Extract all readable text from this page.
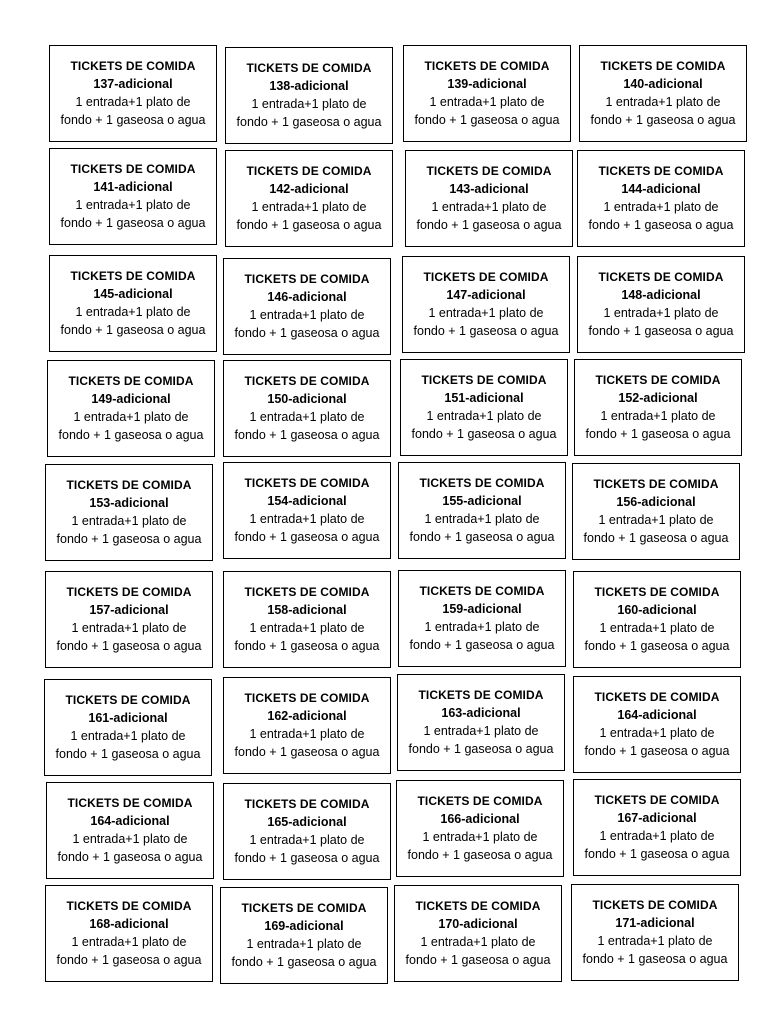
TICKETS DE COMIDA
137-adicional
1 entrada+1 plato de
fondo + 1 gaseosa o agua
TICKETS DE COMIDA
138-adicional
1 entrada+1 plato de
fondo + 1 gaseosa o agua
TICKETS DE COMIDA
139-adicional
1 entrada+1 plato de
fondo + 1 gaseosa o agua
TICKETS DE COMIDA
140-adicional
1 entrada+1 plato de
fondo + 1 gaseosa o agua
TICKETS DE COMIDA
141-adicional
1 entrada+1 plato de
fondo + 1 gaseosa o agua
TICKETS DE COMIDA
142-adicional
1 entrada+1 plato de
fondo + 1 gaseosa o agua
TICKETS DE COMIDA
143-adicional
1 entrada+1 plato de
fondo + 1 gaseosa o agua
TICKETS DE COMIDA
144-adicional
1 entrada+1 plato de
fondo + 1 gaseosa o agua
TICKETS DE COMIDA
145-adicional
1 entrada+1 plato de
fondo + 1 gaseosa o agua
TICKETS DE COMIDA
146-adicional
1 entrada+1 plato de
fondo + 1 gaseosa o agua
TICKETS DE COMIDA
147-adicional
1 entrada+1 plato de
fondo + 1 gaseosa o agua
TICKETS DE COMIDA
148-adicional
1 entrada+1 plato de
fondo + 1 gaseosa o agua
TICKETS DE COMIDA
149-adicional
1 entrada+1 plato de
fondo + 1 gaseosa o agua
TICKETS DE COMIDA
150-adicional
1 entrada+1 plato de
fondo + 1 gaseosa o agua
TICKETS DE COMIDA
151-adicional
1 entrada+1 plato de
fondo + 1 gaseosa o agua
TICKETS DE COMIDA
152-adicional
1 entrada+1 plato de
fondo + 1 gaseosa o agua
TICKETS DE COMIDA
153-adicional
1 entrada+1 plato de
fondo + 1 gaseosa o agua
TICKETS DE COMIDA
154-adicional
1 entrada+1 plato de
fondo + 1 gaseosa o agua
TICKETS DE COMIDA
155-adicional
1 entrada+1 plato de
fondo + 1 gaseosa o agua
TICKETS DE COMIDA
156-adicional
1 entrada+1 plato de
fondo + 1 gaseosa o agua
TICKETS DE COMIDA
157-adicional
1 entrada+1 plato de
fondo + 1 gaseosa o agua
TICKETS DE COMIDA
158-adicional
1 entrada+1 plato de
fondo + 1 gaseosa o agua
TICKETS DE COMIDA
159-adicional
1 entrada+1 plato de
fondo + 1 gaseosa o agua
TICKETS DE COMIDA
160-adicional
1 entrada+1 plato de
fondo + 1 gaseosa o agua
TICKETS DE COMIDA
161-adicional
1 entrada+1 plato de
fondo + 1 gaseosa o agua
TICKETS DE COMIDA
162-adicional
1 entrada+1 plato de
fondo + 1 gaseosa o agua
TICKETS DE COMIDA
163-adicional
1 entrada+1 plato de
fondo + 1 gaseosa o agua
TICKETS DE COMIDA
164-adicional
1 entrada+1 plato de
fondo + 1 gaseosa o agua
TICKETS DE COMIDA
164-adicional
1 entrada+1 plato de
fondo + 1 gaseosa o agua
TICKETS DE COMIDA
165-adicional
1 entrada+1 plato de
fondo + 1 gaseosa o agua
TICKETS DE COMIDA
166-adicional
1 entrada+1 plato de
fondo + 1 gaseosa o agua
TICKETS DE COMIDA
167-adicional
1 entrada+1 plato de
fondo + 1 gaseosa o agua
TICKETS DE COMIDA
168-adicional
1 entrada+1 plato de
fondo + 1 gaseosa o agua
TICKETS DE COMIDA
169-adicional
1 entrada+1 plato de
fondo + 1 gaseosa o agua
TICKETS DE COMIDA
170-adicional
1 entrada+1 plato de
fondo + 1 gaseosa o agua
TICKETS DE COMIDA
171-adicional
1 entrada+1 plato de
fondo + 1 gaseosa o agua
